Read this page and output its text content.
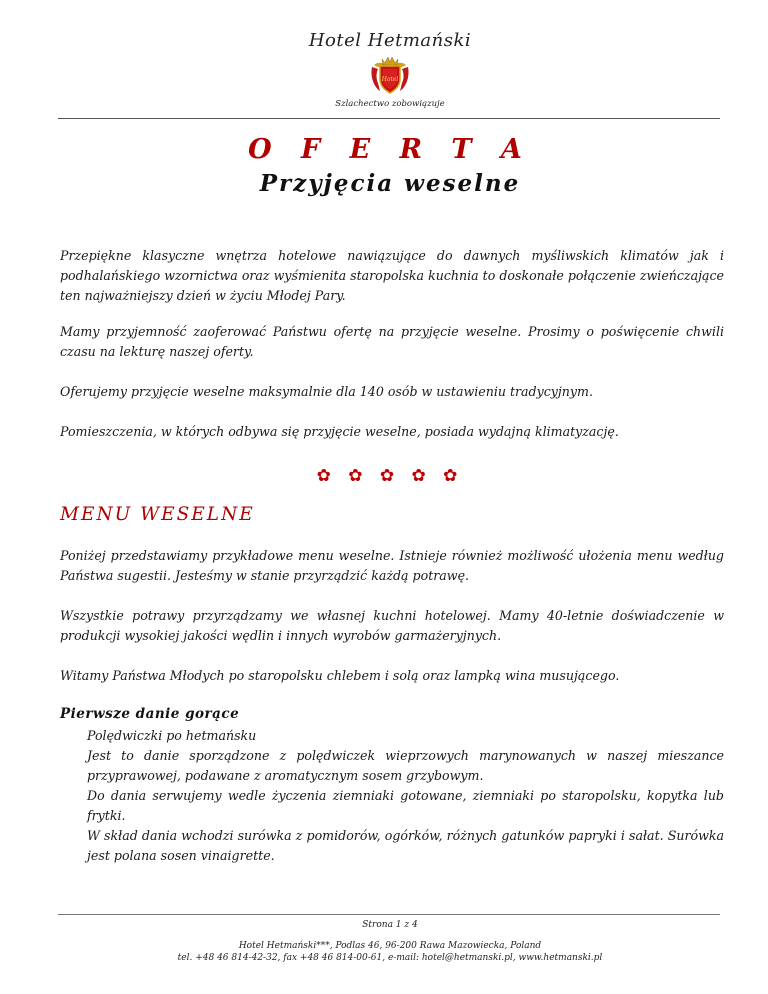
Hotel Hetmański
Hotel
Szlachectwo zobowiązuje
O F E R T A
Przyjęcia weselne
Przepiękne klasyczne wnętrza hotelowe nawiązujące do dawnych myśliwskich klimatów jak i podhalańskiego wzornictwa oraz wyśmienita staropolska kuchnia to doskonałe połączenie zwieńczające ten najważniejszy dzień w życiu Młodej Pary.
Mamy przyjemność zaoferować Państwu ofertę na przyjęcie weselne. Prosimy o poświęcenie chwili czasu na lekturę naszej oferty.
Oferujemy przyjęcie weselne maksymalnie dla 140 osób w ustawieniu tradycyjnym.
Pomieszczenia, w których odbywa się przyjęcie weselne, posiada wydajną klimatyzację.
✿ ✿ ✿ ✿ ✿
MENU WESELNE
Poniżej przedstawiamy przykładowe menu weselne. Istnieje również możliwość ułożenia menu według Państwa sugestii. Jesteśmy w stanie przyrządzić każdą potrawę.
Wszystkie potrawy przyrządzamy we własnej kuchni hotelowej. Mamy 40-letnie doświadczenie w produkcji wysokiej jakości wędlin i innych wyrobów garmażeryjnych.
Witamy Państwa Młodych po staropolsku chlebem i solą oraz lampką wina musującego.
Pierwsze danie gorące
Polędwiczki po hetmańsku
Jest to danie sporządzone z polędwiczek wieprzowych marynowanych w naszej mieszance przyprawowej, podawane z aromatycznym sosem grzybowym.
Do dania serwujemy wedle życzenia ziemniaki gotowane, ziemniaki po staropolsku, kopytka lub frytki.
W skład dania wchodzi surówka z pomidorów, ogórków, różnych gatunków papryki i sałat. Surówka jest polana sosen vinaigrette.
Strona 1 z 4
Hotel Hetmański***, Podlas 46, 96-200 Rawa Mazowiecka, Poland
tel. +48 46 814-42-32, fax +48 46 814-00-61, e-mail: hotel@hetmanski.pl, www.hetmanski.pl
